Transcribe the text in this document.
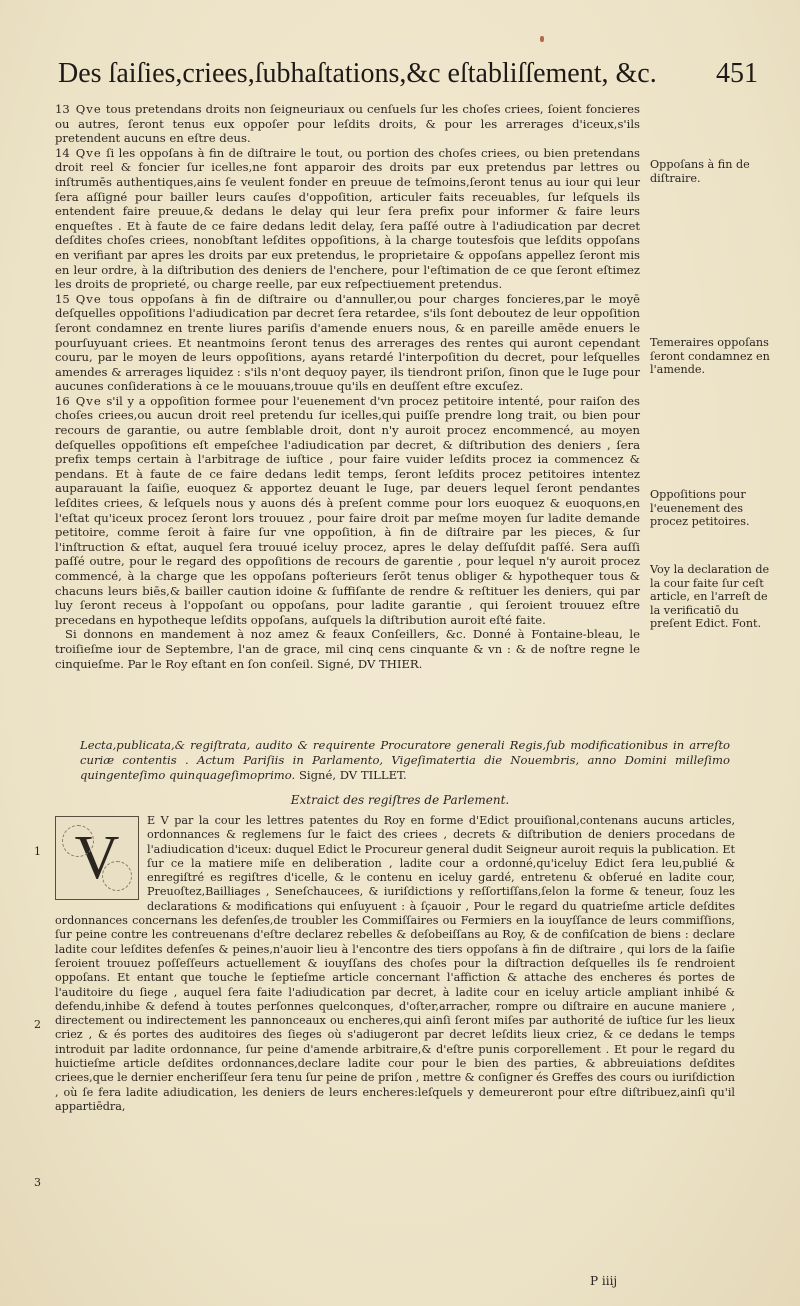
Des ſaiſies,criees,ſubhaſtations,&c eſtabliſſement, &c. 451

13 Qve tous pretendans droits non ſeigneuriaux ou cenſuels ſur les choſes criees, ſoient foncieres ou autres, ſeront tenus eux oppoſer pour leſdits droits, & pour les arrerages d'iceux,s'ils pretendent aucuns en eſtre deus.

14 Qve ſi les oppoſans à fin de diſtraire le tout, ou portion des choſes criees, ou bien pretendans droit reel & foncier ſur icelles,ne font apparoir des droits par eux pretendus par lettres ou inſtrumēs authentiques,ains ſe veulent fonder en preuue de teſmoins,ſeront tenus au iour qui leur ſera aſſigné pour bailler leurs cauſes d'oppoſition, articuler faits receuables, ſur leſquels ils entendent faire preuue,& dedans le delay qui leur ſera prefix pour informer & faire leurs enqueſtes . Et à faute de ce faire dedans ledit delay, ſera paſſé outre à l'adiudication par decret deſdites choſes criees, nonobſtant leſdites oppoſitions, à la charge toutesfois que leſdits oppoſans en verifiant par apres les droits par eux pretendus, le proprietaire & oppoſans appellez ſeront mis en leur ordre, à la diſtribution des deniers de l'enchere, pour l'eſtimation de ce que ſeront eſtimez les droits de proprieté, ou charge reelle, par eux reſpectiuement pretendus.

15 Qve tous oppoſans à fin de diſtraire ou d'annuller,ou pour charges foncieres,par le moyē deſquelles oppoſitions l'adiudication par decret ſera retardee, s'ils ſont deboutez de leur oppoſition ſeront condamnez en trente liures pariſis d'amende enuers nous, & en pareille amēde enuers le pourſuyuant criees. Et neantmoins ſeront tenus des arrerages des rentes qui auront cependant couru, par le moyen de leurs oppoſitions, ayans retardé l'interpoſition du decret, pour leſquelles amendes & arrerages liquidez : s'ils n'ont dequoy payer, ils tiendront priſon, ſinon que le Iuge pour aucunes conſiderations à ce le mouuans,trouue qu'ils en deuſſent eſtre excuſez.

16 Qve s'il y a oppoſition formee pour l'euenement d'vn procez petitoire intenté, pour raiſon des choſes criees,ou aucun droit reel pretendu ſur icelles,qui puiſſe prendre long trait, ou bien pour recours de garantie, ou autre ſemblable droit, dont n'y auroit procez encommencé, au moyen deſquelles oppoſitions eſt empeſchee l'adiudication par decret, & diſtribution des deniers , ſera prefix temps certain à l'arbitrage de iuſtice , pour faire vuider leſdits procez ia commencez & pendans. Et à faute de ce faire dedans ledit temps, ſeront leſdits procez petitoires intentez auparauant la ſaiſie, euoquez & apportez deuant le Iuge, par deuers lequel ſeront pendantes leſdites criees, & leſquels nous y auons dés à preſent comme pour lors euoquez & euoquons,en l'eſtat qu'iceux procez ſeront lors trouuez , pour faire droit par meſme moyen ſur ladite demande petitoire, comme ſeroit à faire ſur vne oppoſition, à fin de diſtraire par les pieces, & ſur l'inſtruction & eſtat, auquel ſera trouué iceluy procez, apres le delay deſſuſdit paſſé. Sera auſſi paſſé outre, pour le regard des oppoſitions de recours de garentie , pour lequel n'y auroit procez commencé, à la charge que les oppoſans poſterieurs ſerōt tenus obliger & hypothequer tous & chacuns leurs biēs,& bailler caution idoine & ſuffiſante de rendre & reſtituer les deniers, qui par luy ſeront receus à l'oppoſant ou oppoſans, pour ladite garantie , qui ſeroient trouuez eſtre precedans en hypotheque leſdits oppoſans, auſquels la diſtribution auroit eſté faite.

Si donnons en mandement à noz amez & feaux Conſeillers, &c. Donné à Fontaine-bleau, le troiſieſme iour de Septembre, l'an de grace, mil cinq cens cinquante & vn : & de noſtre regne le cinquieſme. Par le Roy eſtant en ſon conſeil. Signé, DV THIER.

Oppoſans à fin de diſtraire.
Temeraires oppoſans ſeront condamnez en l'amende.
Oppoſitions pour l'euenement des procez petitoires.
Voy la declaration de la cour faite ſur ceſt article, en l'arreſt de la verificatiō du preſent Edict. Font.
Lecta,publicata,& regiſtrata, audito & requirente Procuratore generali Regis,ſub modificationibus in arreſto curiæ contentis . Actum Pariſiis in Parlamento, Vigeſimatertia die Nouembris, anno Domini milleſimo quingenteſimo quinquageſimoprimo. Signé, DV TILLET.
Extraict des regiſtres de Parlement.
V
E V par la cour les lettres patentes du Roy en forme d'Edict prouiſional,contenans aucuns articles, ordonnances & reglemens ſur le faict des criees , decrets & diſtribution de deniers procedans de l'adiudication d'iceux: duquel Edict le Procureur general dudit Seigneur auroit requis la publication. Et ſur ce la matiere miſe en deliberation , ladite cour a ordonné,qu'iceluy Edict ſera leu,publié & enregiſtré es regiſtres d'icelle, & le contenu en iceluy gardé, entretenu & obſerué en ladite cour, Preuoſtez,Bailliages , Seneſchaucees, & iuriſdictions y reſſortiſſans,ſelon la forme & teneur, ſouz les declarations & modifications qui enſuyuent : à ſçauoir , Pour le regard du quatrieſme article deſdites ordonnances concernans les defenſes,de troubler les Commiſſaires ou Fermiers en la iouyſſance de leurs commiſſions, ſur peine contre les contreuenans d'eſtre declarez rebelles & deſobeiſſans au Roy, & de confiſcation de biens : declare ladite cour leſdites defenſes & peines,n'auoir lieu à l'encontre des tiers oppoſans à fin de diſtraire , qui lors de la ſaiſie ſeroient trouuez poſſeſſeurs actuellement & iouyſſans des choſes pour la diſtraction deſquelles ils ſe rendroient oppoſans. Et entant que touche le ſeptieſme article concernant l'affiction & attache des encheres és portes de l'auditoire du ſiege , auquel ſera faite l'adiudication par decret, à ladite cour en iceluy article ampliant inhibé & defendu,inhibe & defend à toutes perſonnes quelconques, d'oſter,arracher, rompre ou diſtraire en aucune maniere , directement ou indirectement les pannonceaux ou encheres,qui ainſi ſeront miſes par authorité de iuſtice ſur les lieux criez , & és portes des auditoires des ſieges où s'adiugeront par decret leſdits lieux criez, & ce dedans le temps introduit par ladite ordonnance, ſur peine d'amende arbitraire,& d'eſtre punis corporellement . Et pour le regard du huictieſme article deſdites ordonnances,declare ladite cour pour le bien des parties, & abbreuiations deſdites criees,que le dernier encheriſſeur ſera tenu ſur peine de priſon , mettre & conſigner és Greffes des cours ou iuriſdiction , où ſe fera ladite adiudication, les deniers de leurs encheres:leſquels y demeureront pour eſtre diſtribuez,ainſi qu'il appartiēdra,
1
2
3
P iiij
